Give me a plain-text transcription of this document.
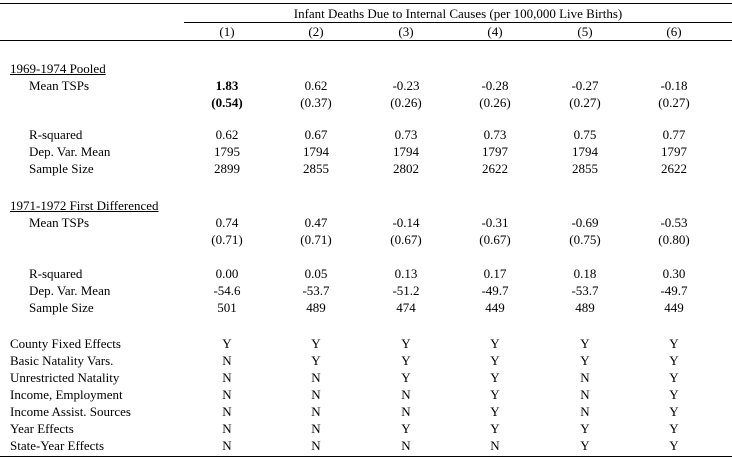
Infant Deaths Due to Internal Causes (per 100,000 Live Births)
(1)	(2)	(3)	(4)	(5)	(6)
1969-1974 Pooled
Mean TSPs	1.83	0.62	-0.23	-0.28	-0.27	-0.18
(0.54)	(0.37)	(0.26)	(0.26)	(0.27)	(0.27)
R-squared	0.62	0.67	0.73	0.73	0.75	0.77
Dep. Var. Mean	1795	1794	1794	1797	1794	1797
Sample Size	2899	2855	2802	2622	2855	2622
1971-1972 First Differenced
Mean TSPs	0.74	0.47	-0.14	-0.31	-0.69	-0.53
(0.71)	(0.71)	(0.67)	(0.67)	(0.75)	(0.80)
R-squared	0.00	0.05	0.13	0.17	0.18	0.30
Dep. Var. Mean	-54.6	-53.7	-51.2	-49.7	-53.7	-49.7
Sample Size	501	489	474	449	489	449
County Fixed Effects	Y	Y	Y	Y	Y	Y
Basic Natality Vars.	N	Y	Y	Y	Y	Y
Unrestricted Natality	N	N	Y	Y	N	Y
Income, Employment	N	N	N	Y	N	Y
Income Assist. Sources	N	N	N	Y	N	Y
Year Effects	N	N	Y	Y	Y	Y
State-Year Effects	N	N	N	N	Y	Y
